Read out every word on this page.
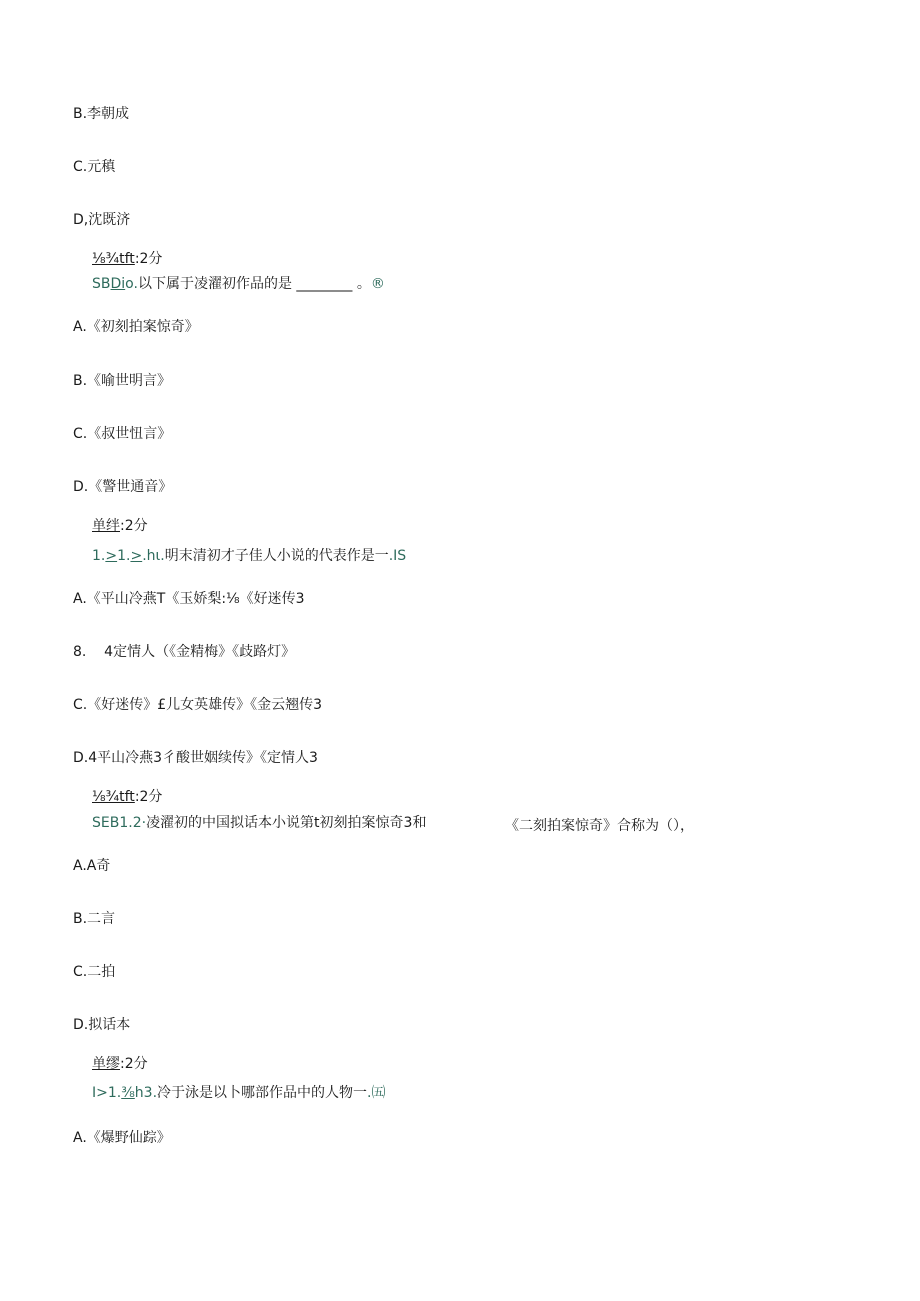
B.李朝成
C.元稹
D,沈既济
⅛¾tft:2分
SBDio.以下属于凌濯初作品的是 ________ 。®
A.《初刻拍案惊奇》
B.《喻世明言》
C.《叔世忸言》
D.《警世通音》
单绊:2分
1.>1.>.hι.明末清初才子佳人小说的代表作是一.IS
A.《平山冷燕T《玉娇梨:⅛《好迷传3
8.    4定情人（《金精梅》《歧路灯》
C.《好迷传》£儿女英雄传》《金云翘传3
D.4平山冷燕3彳酸世姻续传》《定情人3
⅛¾tft:2分
SEB1.2·凌濯初的中国拟话本小说第t初刻拍案惊奇3和	《二刻拍案惊奇》合称为（），
A.A奇
B.二言
C.二拍
D.拟话本
单缪:2分
I>1.⅜h3.冷于泳是以卜哪部作品中的人物一.㈤
A.《爆野仙踪》
